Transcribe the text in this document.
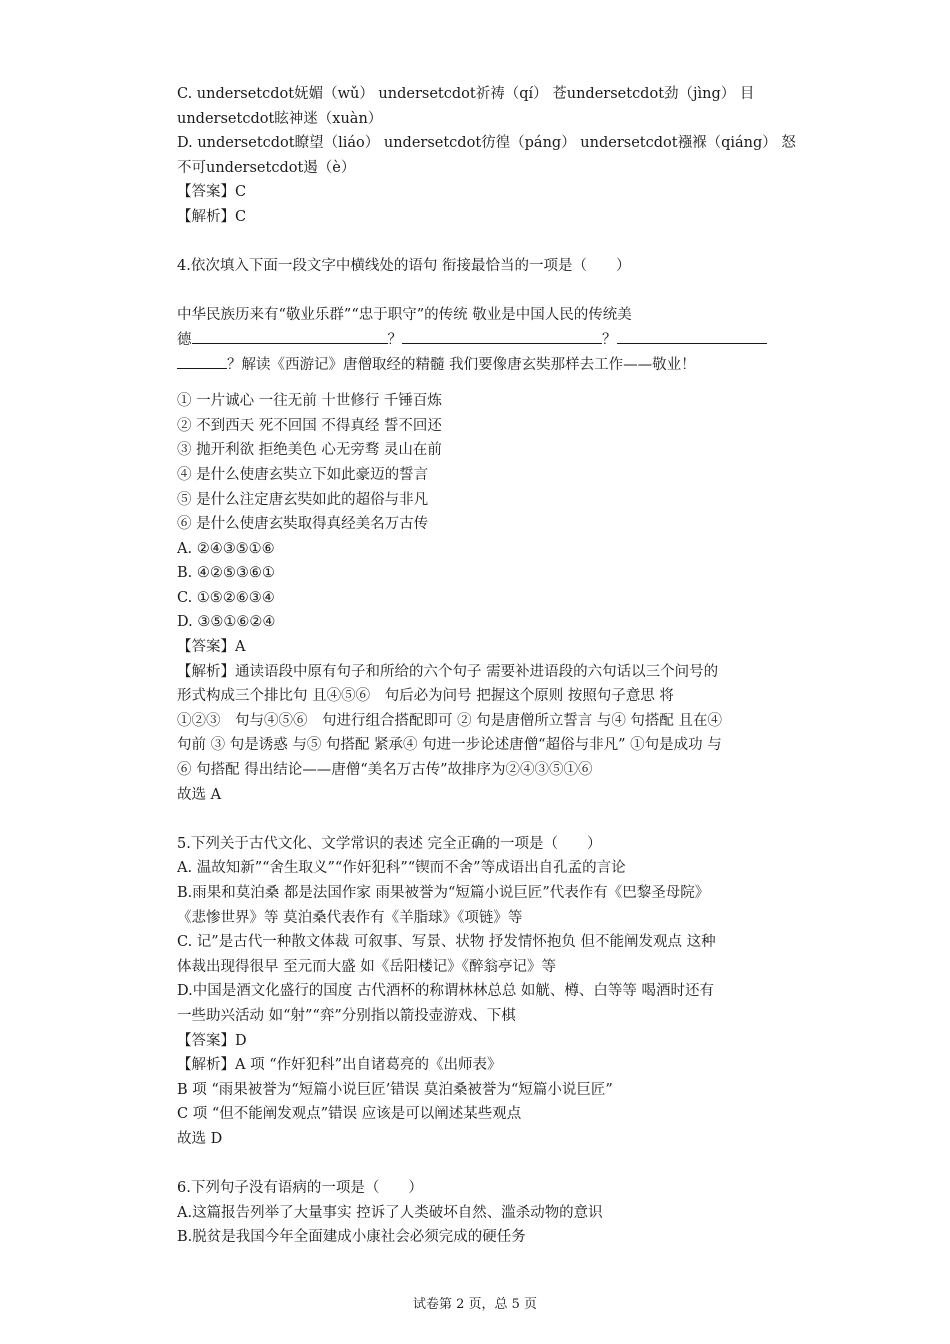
C. undersetcdot妩媚（wǔ） undersetcdot祈祷（qí） 苍undersetcdot劲（jìng） 目
undersetcdot眩神迷（xuàn）
D. undersetcdot瞭望（liáo） undersetcdot彷徨（páng） undersetcdot襁褓（qiáng） 怒
不可undersetcdot遏（è）
【答案】C
【解析】C
4.依次填入下面一段文字中横线处的语句 衔接最恰当的一项是（　　）
中华民族历来有“敬业乐群”“忠于职守”的传统 敬业是中国人民的传统美
德	？	？
？解读《西游记》唐僧取经的精髓 我们要像唐玄奘那样去工作——敬业！
① 一片诚心 一往无前 十世修行 千锤百炼
② 不到西天 死不回国 不得真经 誓不回还
③ 抛开利欲 拒绝美色 心无旁骛 灵山在前
④ 是什么使唐玄奘立下如此豪迈的誓言
⑤ 是什么注定唐玄奘如此的超俗与非凡
⑥ 是什么使唐玄奘取得真经美名万古传
A. ②④③⑤①⑥
B. ④②⑤③⑥①
C. ①⑤②⑥③④
D. ③⑤①⑥②④
【答案】A
【解析】通读语段中原有句子和所给的六个句子 需要补进语段的六句话以三个问号的
形式构成三个排比句 且④⑤⑥　句后必为问号 把握这个原则 按照句子意思 将
①②③　句与④⑤⑥　句进行组合搭配即可 ② 句是唐僧所立誓言 与④ 句搭配 且在④
句前 ③ 句是诱惑 与⑤ 句搭配 紧承④ 句进一步论述唐僧“超俗与非凡” ①句是成功 与
⑥ 句搭配 得出结论——唐僧“美名万古传”故排序为②④③⑤①⑥
故选 A
5.下列关于古代文化、文学常识的表述 完全正确的一项是（　　）
A. 温故知新”“舍生取义”“作奸犯科”“锲而不舍”等成语出自孔孟的言论
B.雨果和莫泊桑 都是法国作家 雨果被誉为“短篇小说巨匠”代表作有《巴黎圣母院》
《悲惨世界》等 莫泊桑代表作有《羊脂球》《项链》等
C. 记”是古代一种散文体裁 可叙事、写景、状物 抒发情怀抱负 但不能阐发观点 这种
体裁出现得很早 至元而大盛 如《岳阳楼记》《醉翁亭记》等
D.中国是酒文化盛行的国度 古代酒杯的称谓林林总总 如觥、樽、白等等 喝酒时还有
一些助兴活动 如“射”“弈”分别指以箭投壶游戏、下棋
【答案】D
【解析】A 项 “作奸犯科”出自诸葛亮的《出师表》
B 项 “雨果被誉为“短篇小说巨匠’错误 莫泊桑被誉为“短篇小说巨匠”
C 项 “但不能阐发观点”错误 应该是可以阐述某些观点
故选 D
6.下列句子没有语病的一项是（　　）
A.这篇报告列举了大量事实 控诉了人类破坏自然、滥杀动物的意识
B.脱贫是我国今年全面建成小康社会必须完成的硬任务
试卷第 2 页，总 5 页
